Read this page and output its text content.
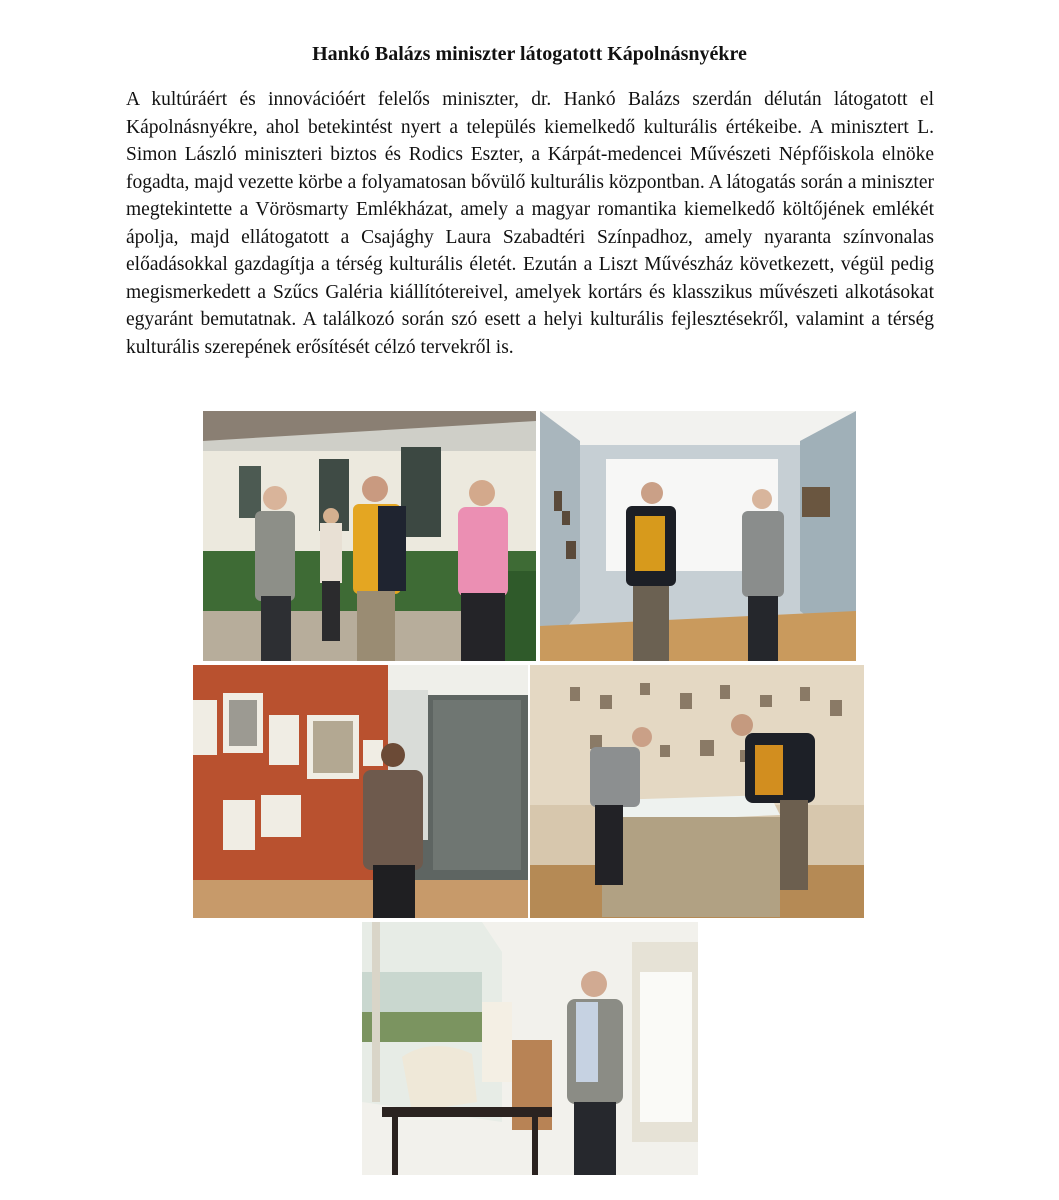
Hankó Balázs miniszter látogatott Kápolnásnyékre
A kultúráért és innovációért felelős miniszter, dr. Hankó Balázs szerdán délután látogatott el Kápolnásnyékre, ahol betekintést nyert a település kiemelkedő kulturális értékeibe. A minisztert L. Simon László miniszteri biztos és Rodics Eszter, a Kárpát-medencei Művészeti Népfőiskola elnöke fogadta, majd vezette körbe a folyamatosan bővülő kulturális központban. A látogatás során a miniszter megtekintette a Vörösmarty Emlékházat, amely a magyar romantika kiemelkedő költőjének emlékét ápolja, majd ellátogatott a Csajághy Laura Szabadtéri Színpadhoz, amely nyaranta színvonalas előadásokkal gazdagítja a térség kulturális életét. Ezután a Liszt Művészház következett, végül pedig megismerkedett a Szűcs Galéria kiállítótereivel, amelyek kortárs és klasszikus művészeti alkotásokat egyaránt bemutatnak. A találkozó során szó esett a helyi kulturális fejlesztésekről, valamint a térség kulturális szerepének erősítését célzó tervekről is.
